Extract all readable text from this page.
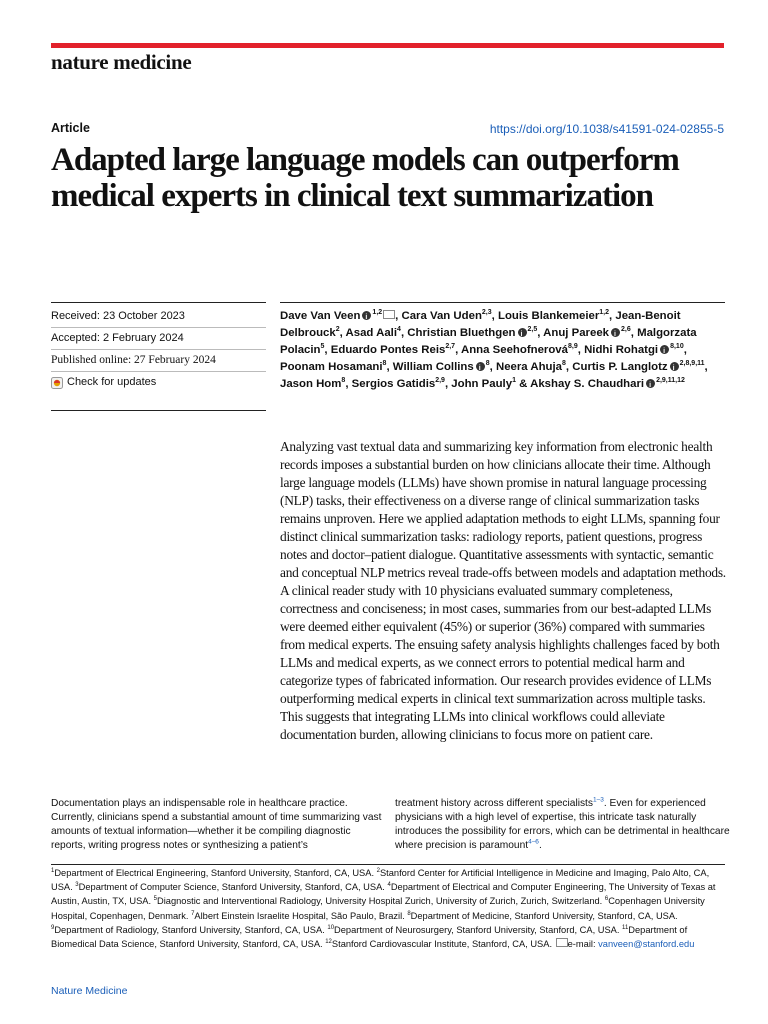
nature medicine
Article	https://doi.org/10.1038/s41591-024-02855-5
Adapted large language models can outperform medical experts in clinical text summarization
Received: 23 October 2023
Accepted: 2 February 2024
Published online: 27 February 2024
Check for updates
Dave Van Veen i $^{1,2}$ , Cara Van Uden$^{2,3}$, Louis Blankemeier$^{1,2}$, Jean-Benoit Delbrouck$^2$, Asad Aali$^4$, Christian Bluethgen i $^{2,5}$, Anuj Pareeki $^{2,6}$, Malgorzata Polacin$^5$, Eduardo Pontes Reis$^{2,7}$, Anna Seehofnerová$^{8,9}$, Nidhi Rohatgi i $^{8,10}$, Poonam Hosamani$^8$, William Collins i $^8$, Neera Ahuja$^8$, Curtis P. Langlotz i $^{2,8,9,11}$, Jason Hom$^8$, Sergios Gatidis$^{2,9}$, John Pauly$^1$ & Akshay S. Chaudhari i $^{2,9,11,12}$

Analyzing vast textual data and summarizing key information from electronic health records imposes a substantial burden on how clinicians allocate their time. Although large language models (LLMs) have shown promise in natural language processing (NLP) tasks, their effectiveness on a diverse range of clinical summarization tasks remains unproven. Here we applied adaptation methods to eight LLMs, spanning four distinct clinical summarization tasks: radiology reports, patient questions, progress notes and doctor–patient dialogue. Quantitative assessments with syntactic, semantic and conceptual NLP metrics reveal trade-offs between models and adaptation methods. A clinical reader study with 10 physicians evaluated summary completeness, correctness and conciseness; in most cases, summaries from our best-adapted LLMs were deemed either equivalent (45%) or superior (36%) compared with summaries from medical experts. The ensuing safety analysis highlights challenges faced by both LLMs and medical experts, as we connect errors to potential medical harm and categorize types of fabricated information. Our research provides evidence of LLMs outperforming medical experts in clinical text summarization across multiple tasks. This suggests that integrating LLMs into clinical workflows could alleviate documentation burden, allowing clinicians to focus more on patient care.

Documentation plays an indispensable role in healthcare practice. Currently, clinicians spend a substantial amount of time summarizing vast amounts of textual information—whether it be compiling diagnostic reports, writing progress notes or synthesizing a patient’s

treatment history across different specialists$^{1-3}$. Even for experienced physicians with a high level of expertise, this intricate task naturally introduces the possibility for errors, which can be detrimental in healthcare where precision is paramount$^{4-6}$.

$^1$Department of Electrical Engineering, Stanford University, Stanford, CA, USA. $^2$Stanford Center for Artificial Intelligence in Medicine and Imaging, Palo Alto, CA, USA. $^3$Department of Computer Science, Stanford University, Stanford, CA, USA. $^4$Department of Electrical and Computer Engineering, The University of Texas at Austin, Austin, TX, USA. $^5$Diagnostic and Interventional Radiology, University Hospital Zurich, University of Zurich, Zurich, Switzerland. $^6$Copenhagen University Hospital, Copenhagen, Denmark. $^7$Albert Einstein Israelite Hospital, São Paulo, Brazil. $^8$Department of Medicine, Stanford University, Stanford, CA, USA. $^9$Department of Radiology, Stanford University, Stanford, CA, USA. $^{10}$Department of Neurosurgery, Stanford University, Stanford, CA, USA. $^{11}$Department of Biomedical Data Science, Stanford University, Stanford, CA, USA. $^{12}$Stanford Cardiovascular Institute, Stanford, CA, USA. e-mail: vanveen@stanford.edu

Nature Medicine
